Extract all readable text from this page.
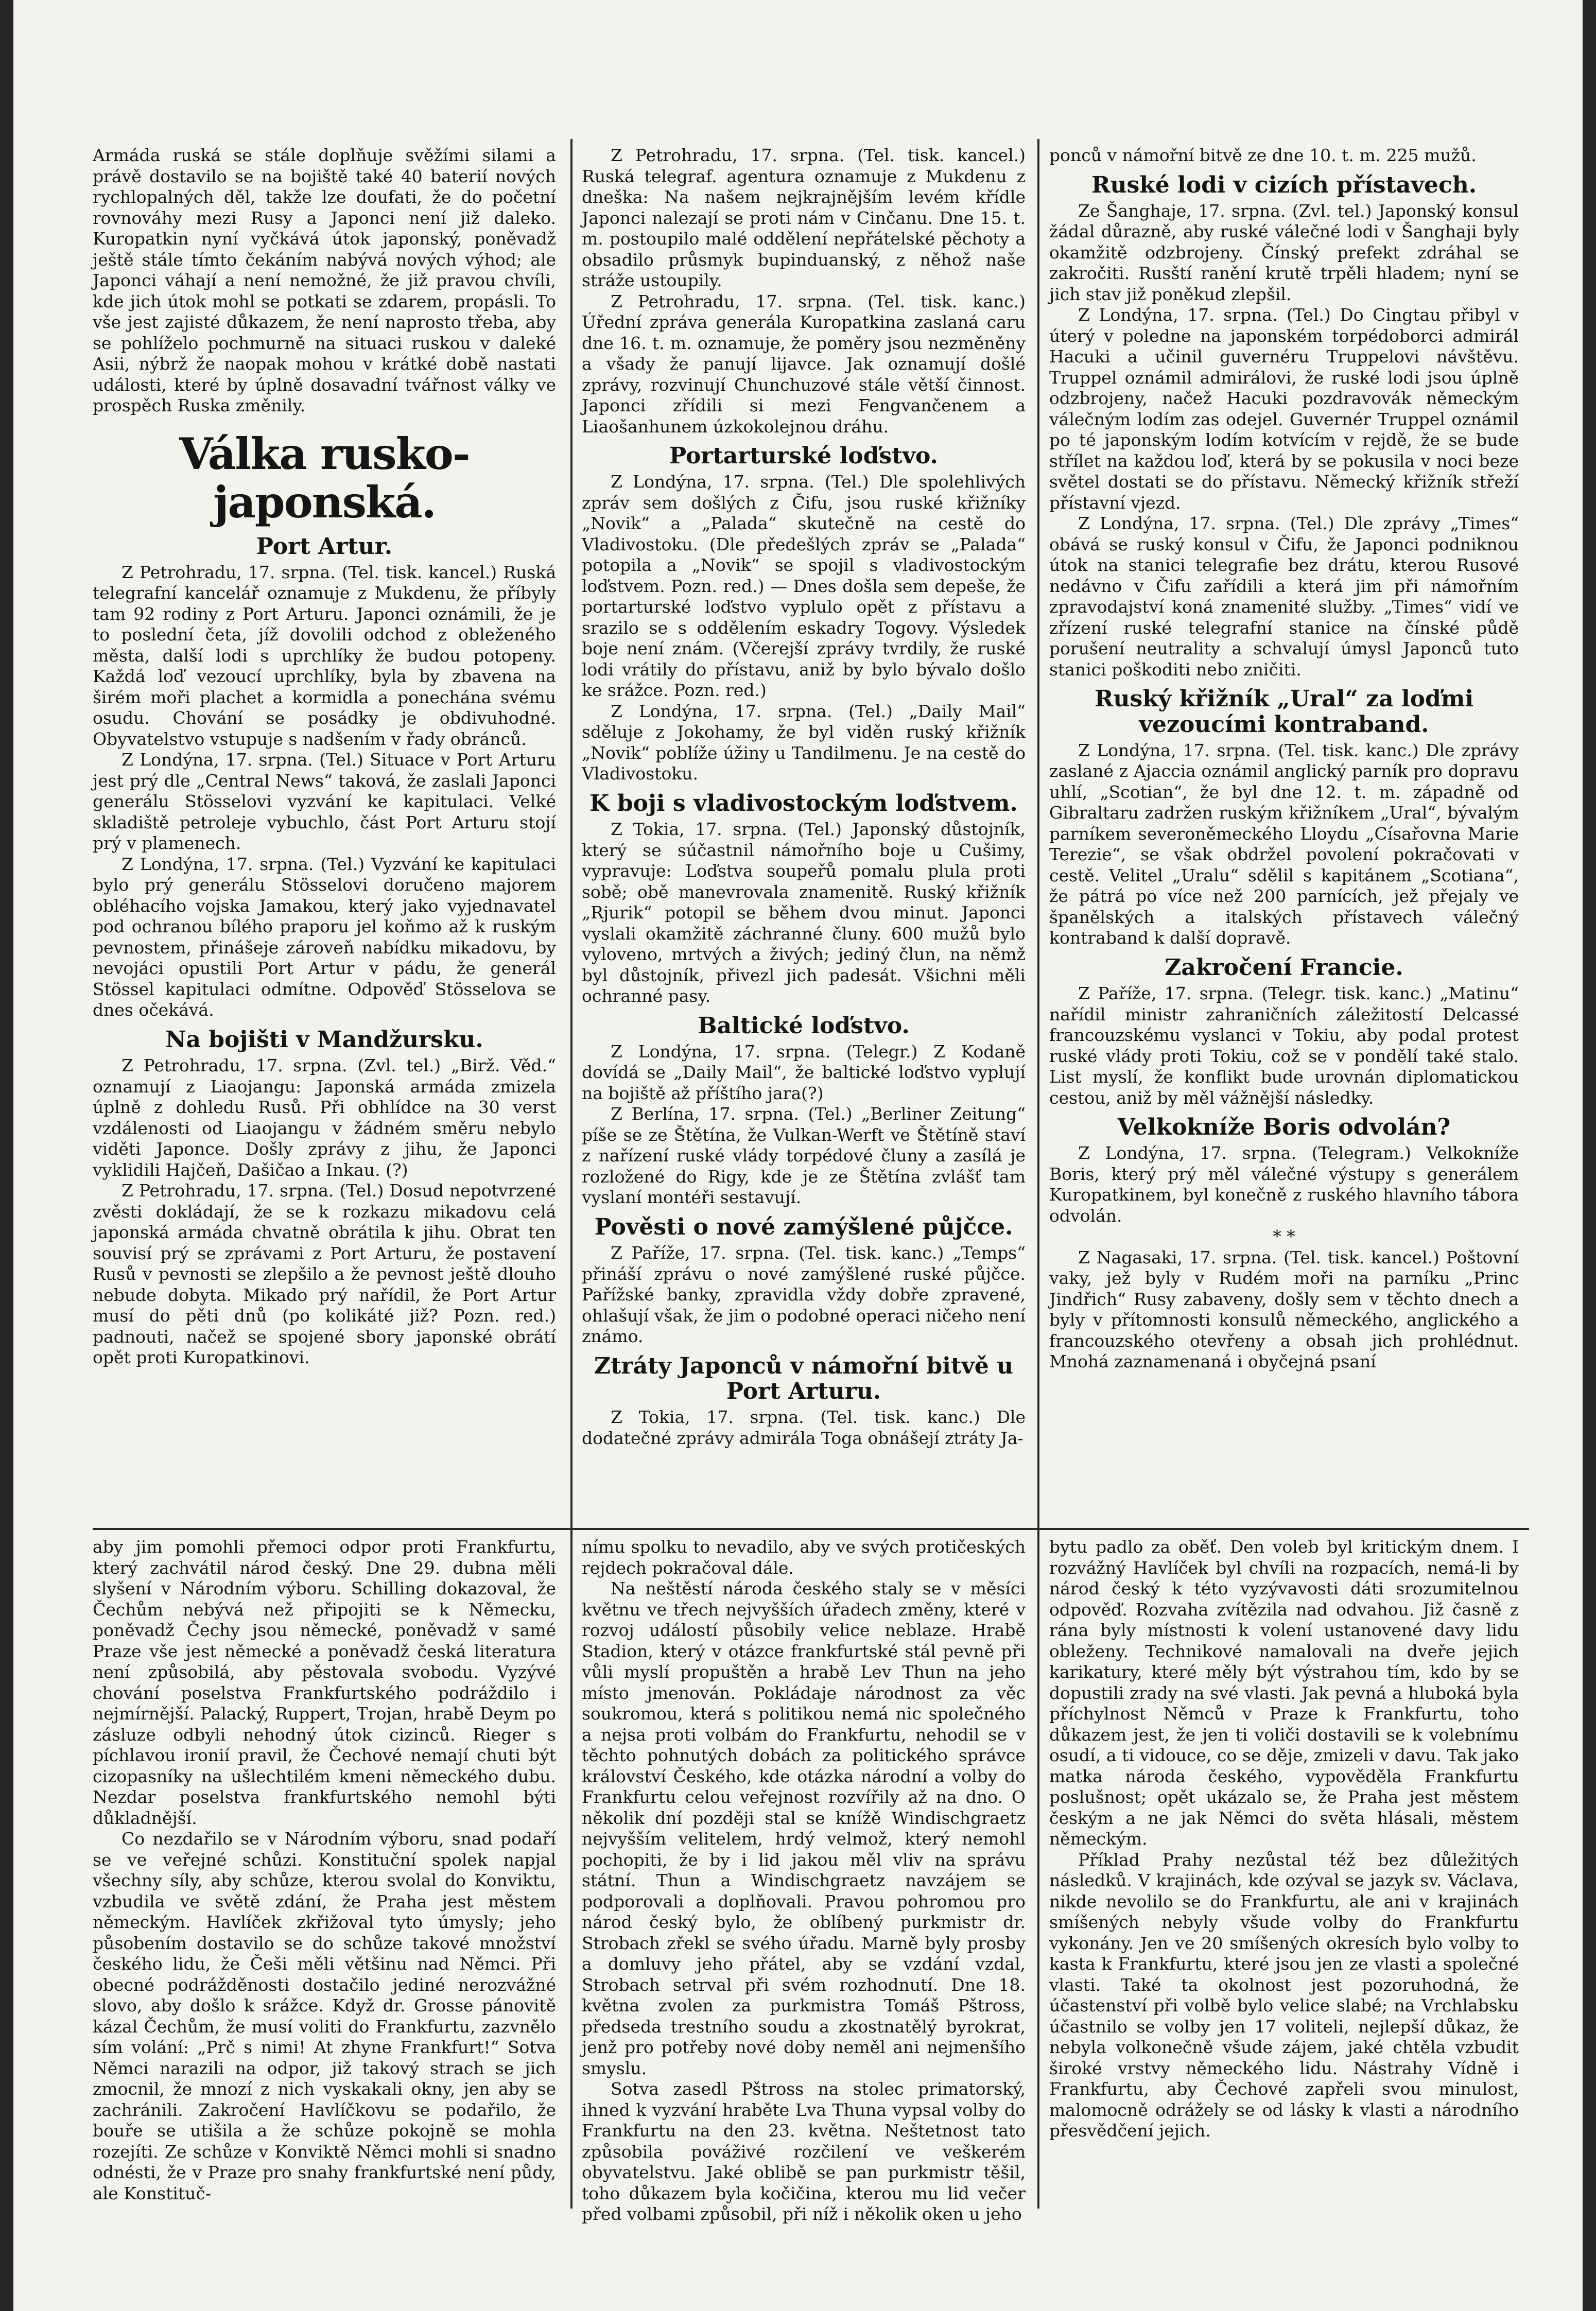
Armáda ruská se stále doplňuje svěžími silami a právě dostavilo se na bojiště také 40 baterií nových rychlopalných děl, takže lze doufati, že do početní rovnováhy mezi Rusy a Japonci není již daleko. Kuropatkin nyní vyčkává útok japonský, poněvadž ještě stále tímto čekáním nabývá nových výhod; ale Japonci váhají a není nemožné, že již pravou chvíli, kde jich útok mohl se potkati se zdarem, propásli. To vše jest zajisté důkazem, že není naprosto třeba, aby se pohlíželo pochmurně na situaci ruskou v daleké Asii, nýbrž že naopak mohou v krátké době nastati události, které by úplně dosavadní tvářnost války ve prospěch Ruska změnily.

Válka rusko-japonská.
Port Artur.

Z Petrohradu, 17. srpna. (Tel. tisk. kancel.) Ruská telegrafní kancelář oznamuje z Mukdenu, že příbyly tam 92 rodiny z Port Arturu. Japonci oznámili, že je to poslední četa, jíž dovolili odchod z obleženého města, další lodi s uprchlíky že budou potopeny. Každá loď vezoucí uprchlíky, byla by zbavena na širém moři plachet a kormidla a ponechána svému osudu. Chování se posádky je obdivuhodné. Obyvatelstvo vstupuje s nadšením v řady obránců.

Z Londýna, 17. srpna. (Tel.) Situace v Port Arturu jest prý dle „Central News“ taková, že zaslali Japonci generálu Stösselovi vyzvání ke kapitulaci. Velké skladiště petroleje vybuchlo, část Port Arturu stojí prý v plamenech.

Z Londýna, 17. srpna. (Tel.) Vyzvání ke kapitulaci bylo prý generálu Stösselovi doručeno majorem obléhacího vojska Jamakou, který jako vyjednavatel pod ochranou bílého praporu jel koňmo až k ruským pevnostem, přinášeje zároveň nabídku mikadovu, by nevojáci opustili Port Artur v pádu, že generál Stössel kapitulaci odmítne. Odpověď Stösselova se dnes očekává.

Na bojišti v Mandžursku.

Z Petrohradu, 17. srpna. (Zvl. tel.) „Birž. Věd.“ oznamují z Liaojangu: Japonská armáda zmizela úplně z dohledu Rusů. Při obhlídce na 30 verst vzdálenosti od Liaojangu v žádném směru nebylo viděti Japonce. Došly zprávy z jihu, že Japonci vyklidili Hajčeň, Dašičao a Inkau. (?)

Z Petrohradu, 17. srpna. (Tel.) Dosud nepotvrzené zvěsti dokládají, že se k rozkazu mikadovu celá japonská armáda chvatně obrátila k jihu. Obrat ten souvisí prý se zprávami z Port Arturu, že postavení Rusů v pevnosti se zlepšilo a že pevnost ještě dlouho nebude dobyta. Mikado prý nařídil, že Port Artur musí do pěti dnů (po kolikáté již? Pozn. red.) padnouti, načež se spojené sbory japonské obrátí opět proti Kuropatkinovi.

Z Petrohradu, 17. srpna. (Tel. tisk. kancel.) Ruská telegraf. agentura oznamuje z Mukdenu z dneška: Na našem nejkrajnějším levém křídle Japonci nalezají se proti nám v Cinčanu. Dne 15. t. m. postoupilo malé oddělení nepřátelské pěchoty a obsadilo průsmyk bupinduanský, z něhož naše stráže ustoupily.

Z Petrohradu, 17. srpna. (Tel. tisk. kanc.) Úřední zpráva generála Kuropatkina zaslaná caru dne 16. t. m. oznamuje, že poměry jsou nezměněny a všady že panují lijavce. Jak oznamují došlé zprávy, rozvinují Chunchuzové stále větší činnost. Japonci zřídili si mezi Fengvančenem a Liaošanhunem úzkokolejnou dráhu.

Portarturské loďstvo.

Z Londýna, 17. srpna. (Tel.) Dle spolehlivých zpráv sem došlých z Čifu, jsou ruské křižníky „Novik“ a „Palada“ skutečně na cestě do Vladivostoku. (Dle předešlých zpráv se „Palada“ potopila a „Novik“ se spojil s vladivostockým loďstvem. Pozn. red.) — Dnes došla sem depeše, že portarturské loďstvo vyplulo opět z přístavu a srazilo se s oddělením eskadry Togovy. Výsledek boje není znám. (Včerejší zprávy tvrdily, že ruské lodi vrátily do přístavu, aniž by bylo bývalo došlo ke srážce. Pozn. red.)

Z Londýna, 17. srpna. (Tel.) „Daily Mail“ sděluje z Jokohamy, že byl viděn ruský křižník „Novik“ poblíže úžiny u Tandilmenu. Je na cestě do Vladivostoku.

K boji s vladivostockým loďstvem.

Z Tokia, 17. srpna. (Tel.) Japonský důstojník, který se súčastnil námořního boje u Cušimy, vypravuje: Loďstva soupeřů pomalu plula proti sobě; obě manevrovala znamenitě. Ruský křižník „Rjurik“ potopil se během dvou minut. Japonci vyslali okamžitě záchranné čluny. 600 mužů bylo vyloveno, mrtvých a živých; jediný člun, na němž byl důstojník, přivezl jich padesát. Všichni měli ochranné pasy.

Baltické loďstvo.

Z Londýna, 17. srpna. (Telegr.) Z Kodaně dovídá se „Daily Mail“, že baltické loďstvo vyplují na bojiště až příštího jara(?)

Z Berlína, 17. srpna. (Tel.) „Berliner Zeitung“ píše se ze Štětína, že Vulkan-Werft ve Štětíně staví z nařízení ruské vlády torpédové čluny a zasílá je rozložené do Rigy, kde je ze Štětína zvlášť tam vyslaní montéři sestavují.

Pověsti o nové zamýšlené půjčce.

Z Paříže, 17. srpna. (Tel. tisk. kanc.) „Temps“ přináší zprávu o nové zamýšlené ruské půjčce. Pařížské banky, zpravidla vždy dobře zpravené, ohlašují však, že jim o podobné operaci ničeho není známo.

Ztráty Japonců v námořní bitvě u Port Arturu.

Z Tokia, 17. srpna. (Tel. tisk. kanc.) Dle dodatečné zprávy admirála Toga obnášejí ztráty Ja-

ponců v námořní bitvě ze dne 10. t. m. 225 mužů.

Ruské lodi v cizích přístavech.

Ze Šanghaje, 17. srpna. (Zvl. tel.) Japonský konsul žádal důrazně, aby ruské válečné lodi v Šanghaji byly okamžitě odzbrojeny. Čínský prefekt zdráhal se zakročiti. Rusští ranění krutě trpěli hladem; nyní se jich stav již poněkud zlepšil.

Z Londýna, 17. srpna. (Tel.) Do Cingtau přibyl v úterý v poledne na japonském torpédoborci admirál Hacuki a učinil guvernéru Truppelovi návštěvu. Truppel oznámil admirálovi, že ruské lodi jsou úplně odzbrojeny, načež Hacuki pozdravovák německým válečným lodím zas odejel. Guvernér Truppel oznámil po té japonským lodím kotvícím v rejdě, že se bude střílet na každou loď, která by se pokusila v noci beze světel dostati se do přístavu. Německý křižník střeží přístavní vjezd.

Z Londýna, 17. srpna. (Tel.) Dle zprávy „Times“ obává se ruský konsul v Čifu, že Japonci podniknou útok na stanici telegrafie bez drátu, kterou Rusové nedávno v Čifu zařídili a která jim při námořním zpravodajství koná znamenité služby. „Times“ vidí ve zřízení ruské telegrafní stanice na čínské půdě porušení neutrality a schvalují úmysl Japonců tuto stanici poškoditi nebo zničiti.

Ruský křižník „Ural“ za loďmi vezoucími kontraband.

Z Londýna, 17. srpna. (Tel. tisk. kanc.) Dle zprávy zaslané z Ajaccia oznámil anglický parník pro dopravu uhlí, „Scotian“, že byl dne 12. t. m. západně od Gibraltaru zadržen ruským křižníkem „Ural“, bývalým parníkem severoněmeckého Lloydu „Císařovna Marie Terezie“, se však obdržel povolení pokračovati v cestě. Velitel „Uralu“ sdělil s kapitánem „Scotiana“, že pátrá po více než 200 parnících, jež přejaly ve španělských a italských přístavech válečný kontraband k další dopravě.

Zakročení Francie.

Z Paříže, 17. srpna. (Telegr. tisk. kanc.) „Matinu“ nařídil ministr zahraničních záležitostí Delcassé francouzskému vyslanci v Tokiu, aby podal protest ruské vlády proti Tokiu, což se v pondělí také stalo. List myslí, že konflikt bude urovnán diplomatickou cestou, aniž by měl vážnější následky.

Velkokníže Boris odvolán?

Z Londýna, 17. srpna. (Telegram.) Velkokníže Boris, který prý měl válečné výstupy s generálem Kuropatkinem, byl konečně z ruského hlavního tábora odvolán.

* *

Z Nagasaki, 17. srpna. (Tel. tisk. kancel.) Poštovní vaky, jež byly v Rudém moři na parníku „Princ Jindřich“ Rusy zabaveny, došly sem v těchto dnech a byly v přítomnosti konsulů německého, anglického a francouzského otevřeny a obsah jich prohlédnut. Mnohá zaznamenaná i obyčejná psaní

aby jim pomohli přemoci odpor proti Frankfurtu, který zachvátil národ český. Dne 29. dubna měli slyšení v Národním výboru. Schilling dokazoval, že Čechům nebývá než připojiti se k Německu, poněvadž Čechy jsou německé, poněvadž v samé Praze vše jest německé a poněvadž česká literatura není způsobilá, aby pěstovala svobodu. Vyzývé chování poselstva Frankfurtského podráždilo i nejmírnější. Palacký, Ruppert, Trojan, hrabě Deym po zásluze odbyli nehodný útok cizinců. Rieger s píchlavou ironií pravil, že Čechové nemají chuti být cizopasníky na ušlechtilém kmeni německého dubu. Nezdar poselstva frankfurtského nemohl býti důkladnější.

Co nezdařilo se v Národním výboru, snad podaří se ve veřejné schůzi. Konstituční spolek napjal všechny síly, aby schůze, kterou svolal do Konviktu, vzbudila ve světě zdání, že Praha jest městem německým. Havlíček zkřižoval tyto úmysly; jeho působením dostavilo se do schůze takové množství českého lidu, že Češi měli většinu nad Němci. Při obecné podrážděnosti dostačilo jediné nerozvážné slovo, aby došlo k srážce. Když dr. Grosse pánovitě kázal Čechům, že musí voliti do Frankfurtu, zazvnělo sím volání: „Prč s nimi! At zhyne Frankfurt!“ Sotva Němci narazili na odpor, již takový strach se jich zmocnil, že mnozí z nich vyskakali okny, jen aby se zachránili. Zakročení Havlíčkovu se podařilo, že bouře se utišila a že schůze pokojně se mohla rozejíti. Ze schůze v Konviktě Němci mohli si snadno odnésti, že v Praze pro snahy frankfurtské není půdy, ale Konstituč-

nímu spolku to nevadilo, aby ve svých protičeských rejdech pokračoval dále.

Na neštěstí národa českého staly se v měsíci květnu ve třech nejvyšších úřadech změny, které v rozvoj událostí působily velice neblaze. Hrabě Stadion, který v otázce frankfurtské stál pevně při vůli myslí propuštěn a hrabě Lev Thun na jeho místo jmenován. Pokládaje národnost za věc soukromou, která s politikou nemá nic společného a nejsa proti volbám do Frankfurtu, nehodil se v těchto pohnutých dobách za politického správce království Českého, kde otázka národní a volby do Frankfurtu celou veřejnost rozvířily až na dno. O několik dní později stal se knížě Windischgraetz nejvyšším velitelem, hrdý velmož, který nemohl pochopiti, že by i lid jakou měl vliv na správu státní. Thun a Windischgraetz navzájem se podporovali a doplňovali. Pravou pohromou pro národ český bylo, že oblíbený purkmistr dr. Strobach zřekl se svého úřadu. Marně byly prosby a domluvy jeho přátel, aby se vzdání vzdal, Strobach setrval při svém rozhodnutí. Dne 18. května zvolen za purkmistra Tomáš Pštross, předseda trestního soudu a zkostnatělý byrokrat, jenž pro potřeby nové doby neměl ani nejmenšího smyslu.

Sotva zasedl Pštross na stolec primatorský, ihned k vyzvání hraběte Lva Thuna vypsal volby do Frankfurtu na den 23. května. Neštetnost tato způsobila pováživé rozčilení ve veškerém obyvatelstvu. Jaké oblibě se pan purkmistr těšil, toho důkazem byla kočičina, kterou mu lid večer před volbami způsobil, při níž i několik oken u jeho

bytu padlo za oběť. Den voleb byl kritickým dnem. I rozvážný Havlíček byl chvíli na rozpacích, nemá-li by národ český k této vyzývavosti dáti srozumitelnou odpověď. Rozvaha zvítězila nad odvahou. Již časně z rána byly místnosti k volení ustanovené davy lidu obleženy. Technikové namalovali na dveře jejich karikatury, které měly být výstrahou tím, kdo by se dopustili zrady na své vlasti. Jak pevná a hluboká byla příchylnost Němců v Praze k Frankfurtu, toho důkazem jest, že jen ti voliči dostavili se k volebnímu osudí, a ti vidouce, co se děje, zmizeli v davu. Tak jako matka národa českého, vypověděla Frankfurtu poslušnost; opět ukázalo se, že Praha jest městem českým a ne jak Němci do světa hlásali, městem německým.

Příklad Prahy nezůstal též bez důležitých následků. V krajinách, kde ozýval se jazyk sv. Václava, nikde nevolilo se do Frankfurtu, ale ani v krajinách smíšených nebyly všude volby do Frankfurtu vykonány. Jen ve 20 smíšených okresích bylo volby to kasta k Frankfurtu, které jsou jen ze vlasti a společné vlasti. Také ta okolnost jest pozoruhodná, že účastenství při volbě bylo velice slabé; na Vrchlabsku účastnilo se volby jen 17 voliteli, nejlepší důkaz, že nebyla volkonečně všude zájem, jaké chtěla vzbudit široké vrstvy německého lidu. Nástrahy Vídně i Frankfurtu, aby Čechové zapřeli svou minulost, malomocně odrážely se od lásky k vlasti a národního přesvědčení jejich.
